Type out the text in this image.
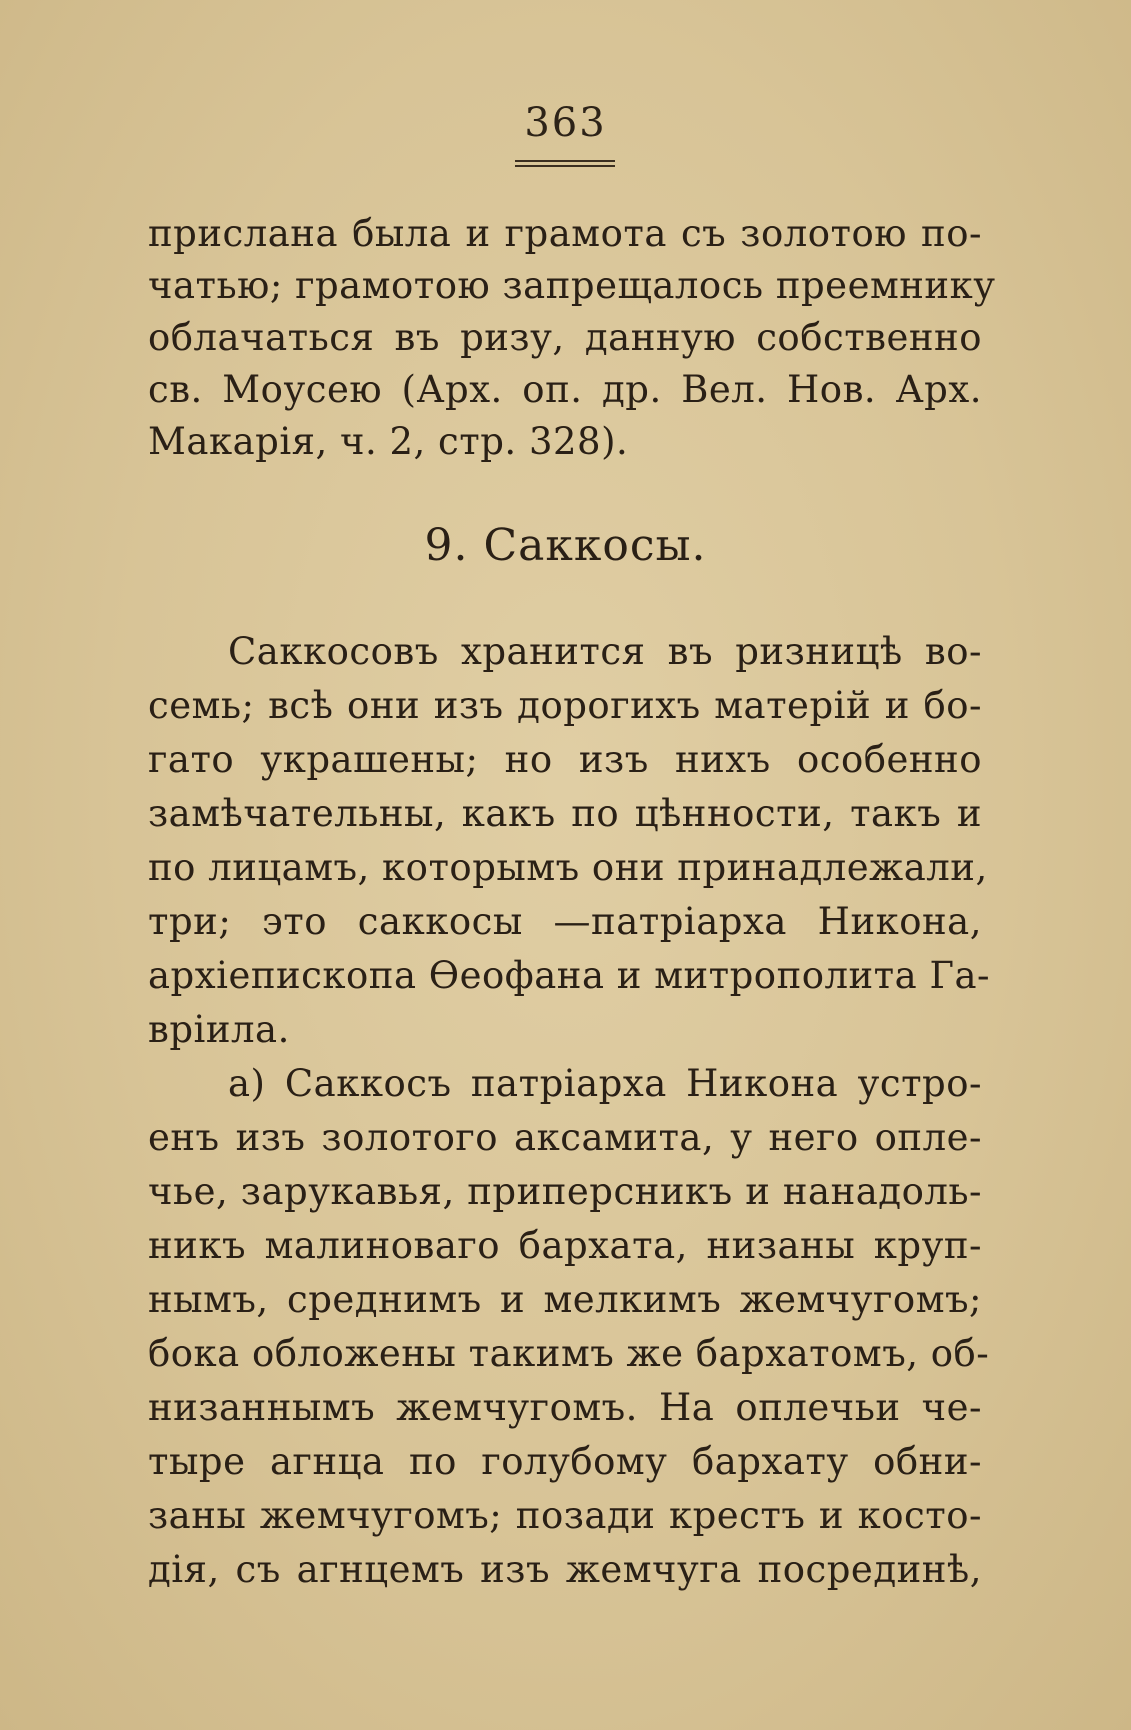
363
прислана была и грамота съ золотою по-
чатью; грамотою запрещалось преемнику
облачаться въ ризу, данную собственно
св. Моусею (Арх. оп. др. Вел. Нов. Арх.
Макарія, ч. 2, стр. 328).
9. Саккосы.
Саккосовъ хранится въ ризницѣ во-
семь; всѣ они изъ дорогихъ матерій и бо-
гато украшены; но изъ нихъ особенно
замѣчательны, какъ по цѣнности, такъ и
по лицамъ, которымъ они принадлежали,
три; это саккосы —патріарха Никона,
архіепископа Ѳеофана и митрополита Га-
вріила.
а) Саккосъ патріарха Никона устро-
енъ изъ золотого аксамита, у него опле-
чье, зарукавья, приперсникъ и нанадоль-
никъ малиноваго бархата, низаны круп-
нымъ, среднимъ и мелкимъ жемчугомъ;
бока обложены такимъ же бархатомъ, об-
низаннымъ жемчугомъ. На оплечьи че-
тыре агнца по голубому бархату обни-
заны жемчугомъ; позади крестъ и косто-
дія, съ агнцемъ изъ жемчуга посрединѣ,
